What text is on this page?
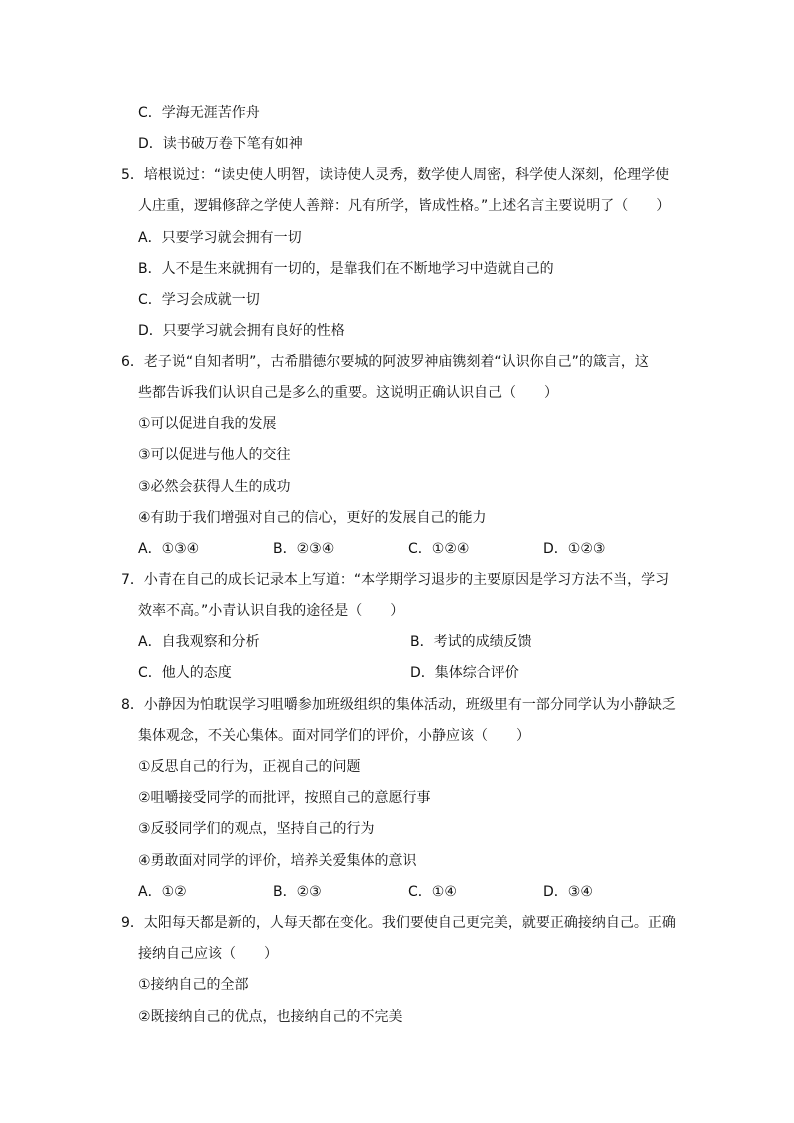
C．学海无涯苦作舟
D．读书破万卷下笔有如神
5．培根说过：“读史使人明智，读诗使人灵秀，数学使人周密，科学使人深刻，伦理学使
人庄重，逻辑修辞之学使人善辩：凡有所学，皆成性格。”上述名言主要说明了（　　）
A．只要学习就会拥有一切
B．人不是生来就拥有一切的，是靠我们在不断地学习中造就自己的
C．学习会成就一切
D．只要学习就会拥有良好的性格
6．老子说“自知者明”，古希腊德尔要城的阿波罗神庙镌刻着“认识你自己”的箴言，这
些都告诉我们认识自己是多么的重要。这说明正确认识自己（　　）
①可以促进自我的发展
③可以促进与他人的交往
③必然会获得人生的成功
④有助于我们增强对自己的信心，更好的发展自己的能力
A．①③④	B．②③④	C．①②④	D．①②③
7．小青在自己的成长记录本上写道：“本学期学习退步的主要原因是学习方法不当，学习
效率不高。”小青认识自我的途径是（　　）
A．自我观察和分析	B．考试的成绩反馈
C．他人的态度	D．集体综合评价
8．小静因为怕耽误学习咀嚼参加班级组织的集体活动，班级里有一部分同学认为小静缺乏
集体观念，不关心集体。面对同学们的评价，小静应该（　　）
①反思自己的行为，正视自己的问题
②咀嚼接受同学的而批评，按照自己的意愿行事
③反驳同学们的观点，坚持自己的行为
④勇敢面对同学的评价，培养关爱集体的意识
A．①②	B．②③	C．①④	D．③④
9．太阳每天都是新的，人每天都在变化。我们要使自己更完美，就要正确接纳自己。正确
接纳自己应该（　　）
①接纳自己的全部
②既接纳自己的优点，也接纳自己的不完美
